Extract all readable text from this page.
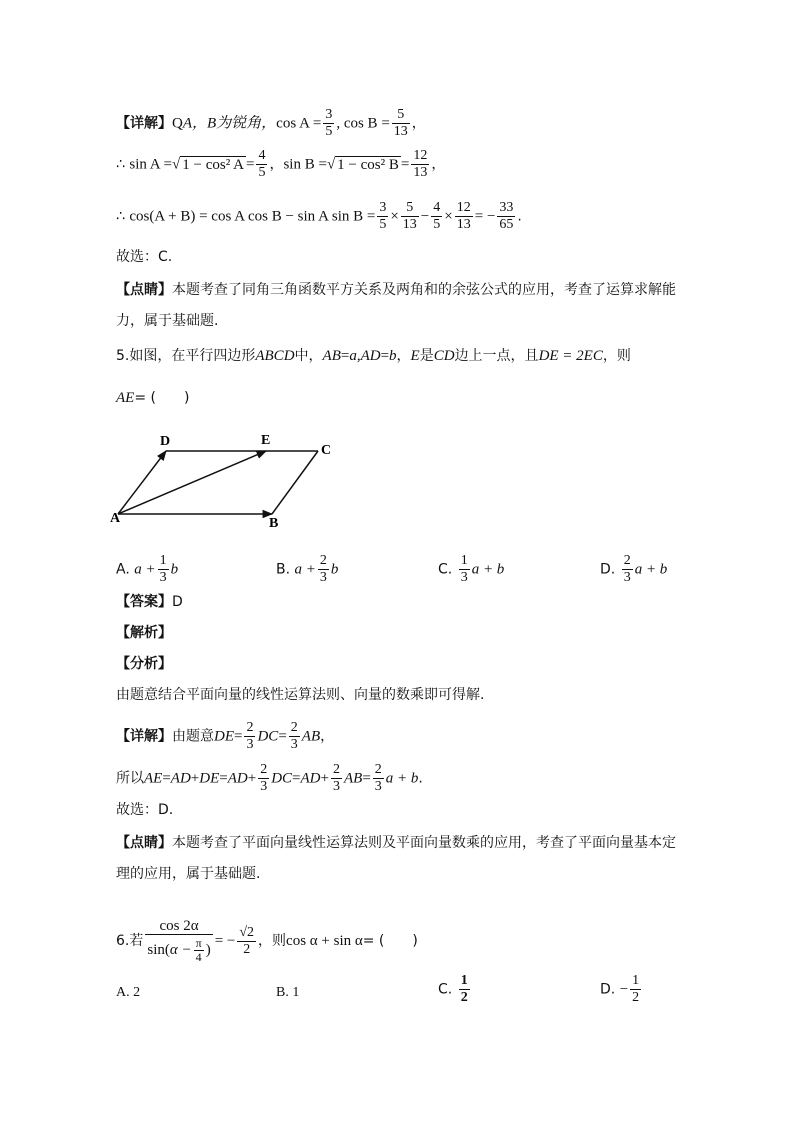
【详解】QA，B为锐角，$\cos A = \frac{3}{5}$ , $\cos B = \frac{5}{13}$ ，
∴ sin A =√ 1 − cos² $A = \frac{4}{5}$ ，sin B =√ 1 − cos² $B = \frac{12}{13}$ ，
∴ cos(A + B) = cos A cos B − sin A $\sin B = \frac{3}{5} \times \frac{5}{13} - \frac{4}{5} \times \frac{12}{13}$ = − $\frac{33}{65}$ .
故选：C.
【点睛】本题考查了同角三角函数平方关系及两角和的余弦公式的应用，考查了运算求解能
力，属于基础题.
5.如图，在平行四边形ABCD中，AB=a,AD=b，E是CD边上一点，且DE = 2EC，则
AE= (　　)
D	E
C
A	B
A. $a + \frac{1}{3}$ b	B. $a + \frac{2}{3}$ b	C. $\frac{1}{3}$ a + b	D. $\frac{2}{3}$ a + b
【答案】D
【解析】
【分析】
由题意结合平面向量的线性运算法则、向量的数乘即可得解.
【详解】由题意$DE= \frac{2}{3} DC= \frac{2}{3}$ AB，
所以$AE=AD+DE=AD+ \frac{2}{3} DC=AD+ \frac{2}{3} AB= \frac{2}{3}$ a + b.
故选：D.
【点睛】本题考查了平面向量线性运算法则及平面向量数乘的应用，考查了平面向量基本定
理的应用，属于基础题.
6.若 $\frac{\cos 2\alpha}{\sin(\alpha - \frac{\pi}{4} )}$ = − $\frac{√2}{2}$ ，则cos α + sin α= (　　)
A. 2	B. 1	C. $\frac{1}{2}$	D. − $\frac{1}{2}$
